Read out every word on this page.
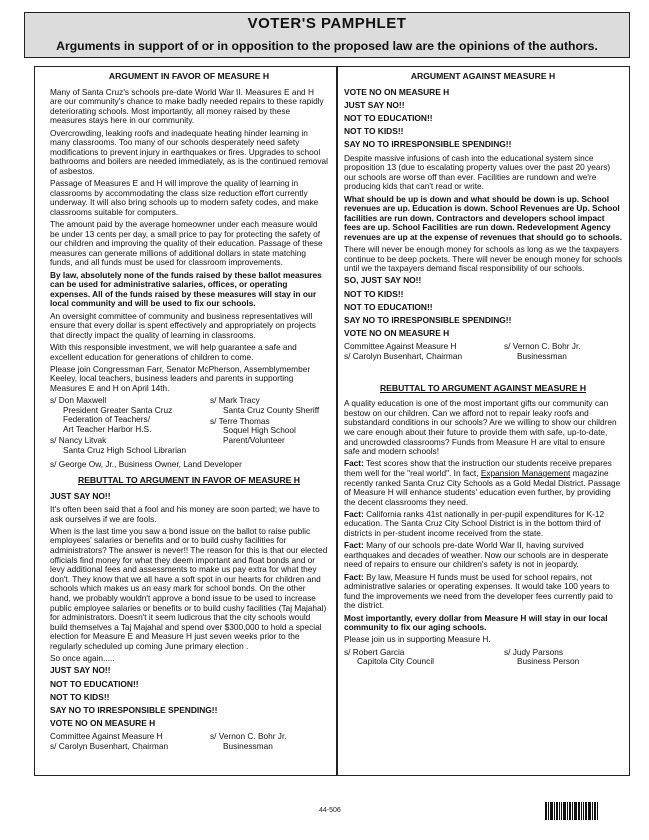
VOTER'S PAMPHLET
Arguments in support of or in opposition to the proposed law are the opinions of the authors.
ARGUMENT IN FAVOR OF MEASURE H

Many of Santa Cruz's schools pre-date World War II. Measures E and H are our community's chance to make badly needed repairs to these rapidly deteriorating schools. Most importantly, all money raised by these measures stays here in our community.

Overcrowding, leaking roofs and inadequate heating hinder learning in many classrooms. Too many of our schools desperately need safety modifications to prevent injury in earthquakes or fires. Upgrades to school bathrooms and boilers are needed immediately, as is the continued removal of asbestos.

Passage of Measures E and H will improve the quality of learning in classrooms by accommodating the class size reduction effort currently underway. It will also bring schools up to modern safety codes, and make classrooms suitable for computers.

The amount paid by the average homeowner under each measure would be under 13 cents per day, a small price to pay for protecting the safety of our children and improving the quality of their education. Passage of these measures can generate millions of additional dollars in state matching funds, and all funds must be used for classroom improvements.

By law, absolutely none of the funds raised by these ballot measures can be used for administrative salaries, offices, or operating expenses. All of the funds raised by these measures will stay in our local community and will be used to fix our schools.

An oversight committee of community and business representatives will ensure that every dollar is spent effectively and appropriately on projects that directly impact the quality of learning in classrooms.

With this responsible investment, we will help guarantee a safe and excellent education for generations of children to come.

Please join Congressman Farr, Senator McPherson, Assemblymember Keeley, local teachers, business leaders and parents in supporting Measures E and H on April 14th.

s/ Don Maxwell
President Greater Santa Cruz
Federation of Teachers/
Art Teacher Harbor H.S.
s/ Nancy Litvak
Santa Cruz High School Librarian
s/ Mark Tracy
Santa Cruz County Sheriff
s/ Terre Thomas
Soquel High School
Parent/Volunteer

s/ George Ow, Jr., Business Owner, Land Developer

REBUTTAL TO ARGUMENT IN FAVOR OF MEASURE H
JUST SAY NO!!

It's often been said that a fool and his money are soon parted; we have to ask ourselves if we are fools.

When is the last time you saw a bond issue on the ballot to raise public employees' salaries or benefits and or to build cushy facilities for administrators? The answer is never!! The reason for this is that our elected officials find money for what they deem important and float bonds and or levy additional fees and assessments to make us pay extra for what they don't. They know that we all have a soft spot in our hearts for children and schools which makes us an easy mark for school bonds. On the other hand, we probably wouldn't approve a bond issue to be used to increase public employee salaries or benefits or to build cushy facilities (Taj Majahal) for administrators. Doesn't it seem ludicrous that the city schools would build themselves a Taj Majahal and spend over $300,000 to hold a special election for Measure E and Measure H just seven weeks prior to the regularly scheduled up coming June primary election .

So once again.....

JUST SAY NO!!
NOT TO EDUCATION!!
NOT TO KIDS!!
SAY NO TO IRRESPONSIBLE SPENDING!!
VOTE NO ON MEASURE H
Committee Against Measure H
s/ Carolyn Busenhart, Chairman
s/ Vernon C. Bohr Jr.
Businessman
ARGUMENT AGAINST MEASURE H
VOTE NO ON MEASURE H
JUST SAY NO!!
NOT TO EDUCATION!!
NOT TO KIDS!!
SAY NO TO IRRESPONSIBLE SPENDING!!

Despite massive infusions of cash into the educational system since proposition 13 (due to escalating property values over the past 20 years) our schools are worse off than ever. Facilities are rundown and we're producing kids that can't read or write.

What should be up is down and what should be down is up. School revenues are up. Education is down. School Revenues are Up. School facilities are run down. Contractors and developers school impact fees are up. School Facilities are run down. Redevelopment Agency revenues are up at the expense of revenues that should go to schools.

There will never be enough money for schools as long as we the taxpayers continue to be deep pockets. There will never be enough money for schools until we the taxpayers demand fiscal responsibility of our schools.

SO, JUST SAY NO!!
NOT TO KIDS!!
NOT TO EDUCATION!!
SAY NO TO IRRESPONSIBLE SPENDING!!
VOTE NO ON MEASURE H
Committee Against Measure H
s/ Carolyn Busenhart, Chairman
s/ Vernon C. Bohr Jr.
Businessman
REBUTTAL TO ARGUMENT AGAINST MEASURE H

A quality education is one of the most important gifts our community can bestow on our children. Can we afford not to repair leaky roofs and substandard conditions in our schools? Are we willing to show our children we care enough about their future to provide them with safe, up-to-date, and uncrowded classrooms? Funds from Measure H are vital to ensure safe and modern schools!

Fact: Test scores show that the instruction our students receive prepares them well for the "real world". In fact, Expansion Management magazine recently ranked Santa Cruz City Schools as a Gold Medal District. Passage of Measure H will enhance students' education even further, by providing the decent classrooms they need.

Fact: California ranks 41st nationally in per-pupil expenditures for K-12 education. The Santa Cruz City School District is in the bottom third of districts in per-student income received from the state.

Fact: Many of our schools pre-date World War II, having survived earthquakes and decades of weather. Now our schools are in desperate need of repairs to ensure our children's safety is not in jeopardy.

Fact: By law, Measure H funds must be used for school repairs, not administrative salaries or operating expenses. It would take 100 years to fund the improvements we need from the developer fees currently paid to the district.

Most importantly, every dollar from Measure H will stay in our local community to fix our aging schools.

Please join us in supporting Measure H.

s/ Robert Garcia
Capitola City Council
s/ Judy Parsons
Business Person
44-506
